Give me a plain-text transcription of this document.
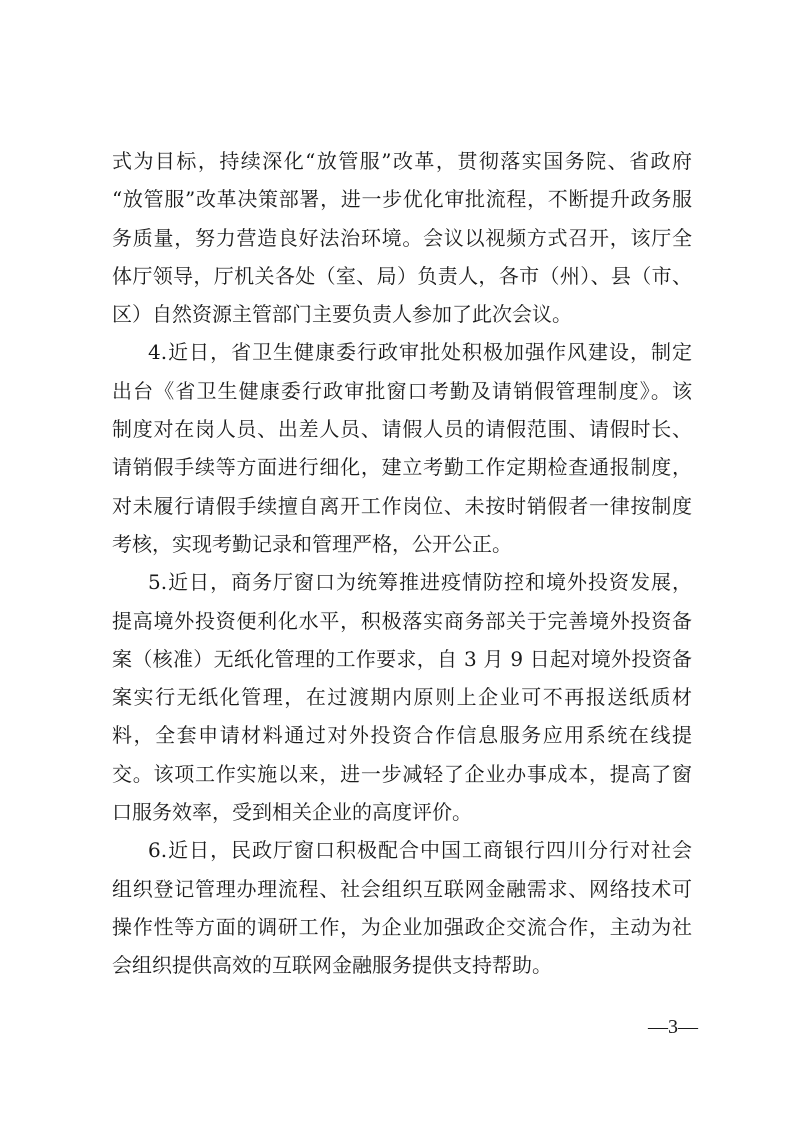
式为目标，持续深化“放管服”改革，贯彻落实国务院、省政府
“放管服”改革决策部署，进一步优化审批流程，不断提升政务服
务质量，努力营造良好法治环境。会议以视频方式召开，该厅全
体厅领导，厅机关各处（室、局）负责人，各市（州）、县（市、
区）自然资源主管部门主要负责人参加了此次会议。
4.近日，省卫生健康委行政审批处积极加强作风建设，制定
出台《省卫生健康委行政审批窗口考勤及请销假管理制度》。该
制度对在岗人员、出差人员、请假人员的请假范围、请假时长、
请销假手续等方面进行细化，建立考勤工作定期检查通报制度，
对未履行请假手续擅自离开工作岗位、未按时销假者一律按制度
考核，实现考勤记录和管理严格，公开公正。
5.近日，商务厅窗口为统筹推进疫情防控和境外投资发展，
提高境外投资便利化水平，积极落实商务部关于完善境外投资备
案（核准）无纸化管理的工作要求，自 3 月 9 日起对境外投资备
案实行无纸化管理，在过渡期内原则上企业可不再报送纸质材
料，全套申请材料通过对外投资合作信息服务应用系统在线提
交。该项工作实施以来，进一步减轻了企业办事成本，提高了窗
口服务效率，受到相关企业的高度评价。
6.近日，民政厅窗口积极配合中国工商银行四川分行对社会
组织登记管理办理流程、社会组织互联网金融需求、网络技术可
操作性等方面的调研工作，为企业加强政企交流合作，主动为社
会组织提供高效的互联网金融服务提供支持帮助。
—3—
